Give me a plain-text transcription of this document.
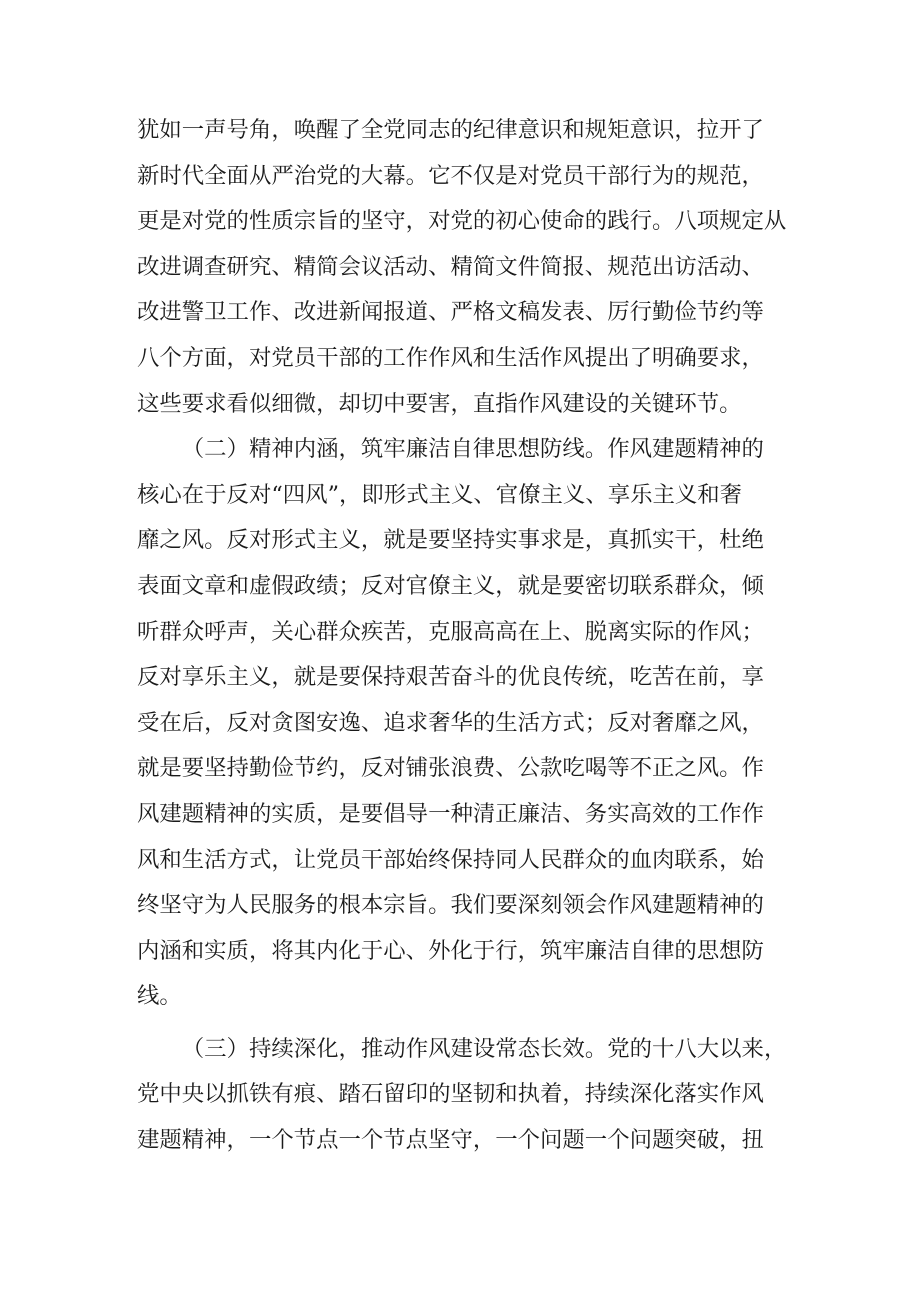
犹如一声号角，唤醒了全党同志的纪律意识和规矩意识，拉开了
新时代全面从严治党的大幕。它不仅是对党员干部行为的规范，
更是对党的性质宗旨的坚守，对党的初心使命的践行。八项规定从
改进调查研究、精简会议活动、精简文件简报、规范出访活动、
改进警卫工作、改进新闻报道、严格文稿发表、厉行勤俭节约等
八个方面，对党员干部的工作作风和生活作风提出了明确要求，
这些要求看似细微，却切中要害，直指作风建设的关键环节。
（二）精神内涵，筑牢廉洁自律思想防线。作风建题精神的
核心在于反对“四风”，即形式主义、官僚主义、享乐主义和奢
靡之风。反对形式主义，就是要坚持实事求是，真抓实干，杜绝
表面文章和虚假政绩；反对官僚主义，就是要密切联系群众，倾
听群众呼声，关心群众疾苦，克服高高在上、脱离实际的作风；
反对享乐主义，就是要保持艰苦奋斗的优良传统，吃苦在前，享
受在后，反对贪图安逸、追求奢华的生活方式；反对奢靡之风，
就是要坚持勤俭节约，反对铺张浪费、公款吃喝等不正之风。作
风建题精神的实质，是要倡导一种清正廉洁、务实高效的工作作
风和生活方式，让党员干部始终保持同人民群众的血肉联系，始
终坚守为人民服务的根本宗旨。我们要深刻领会作风建题精神的
内涵和实质，将其内化于心、外化于行，筑牢廉洁自律的思想防
线。
（三）持续深化，推动作风建设常态长效。党的十八大以来，
党中央以抓铁有痕、踏石留印的坚韧和执着，持续深化落实作风
建题精神，一个节点一个节点坚守，一个问题一个问题突破，扭
